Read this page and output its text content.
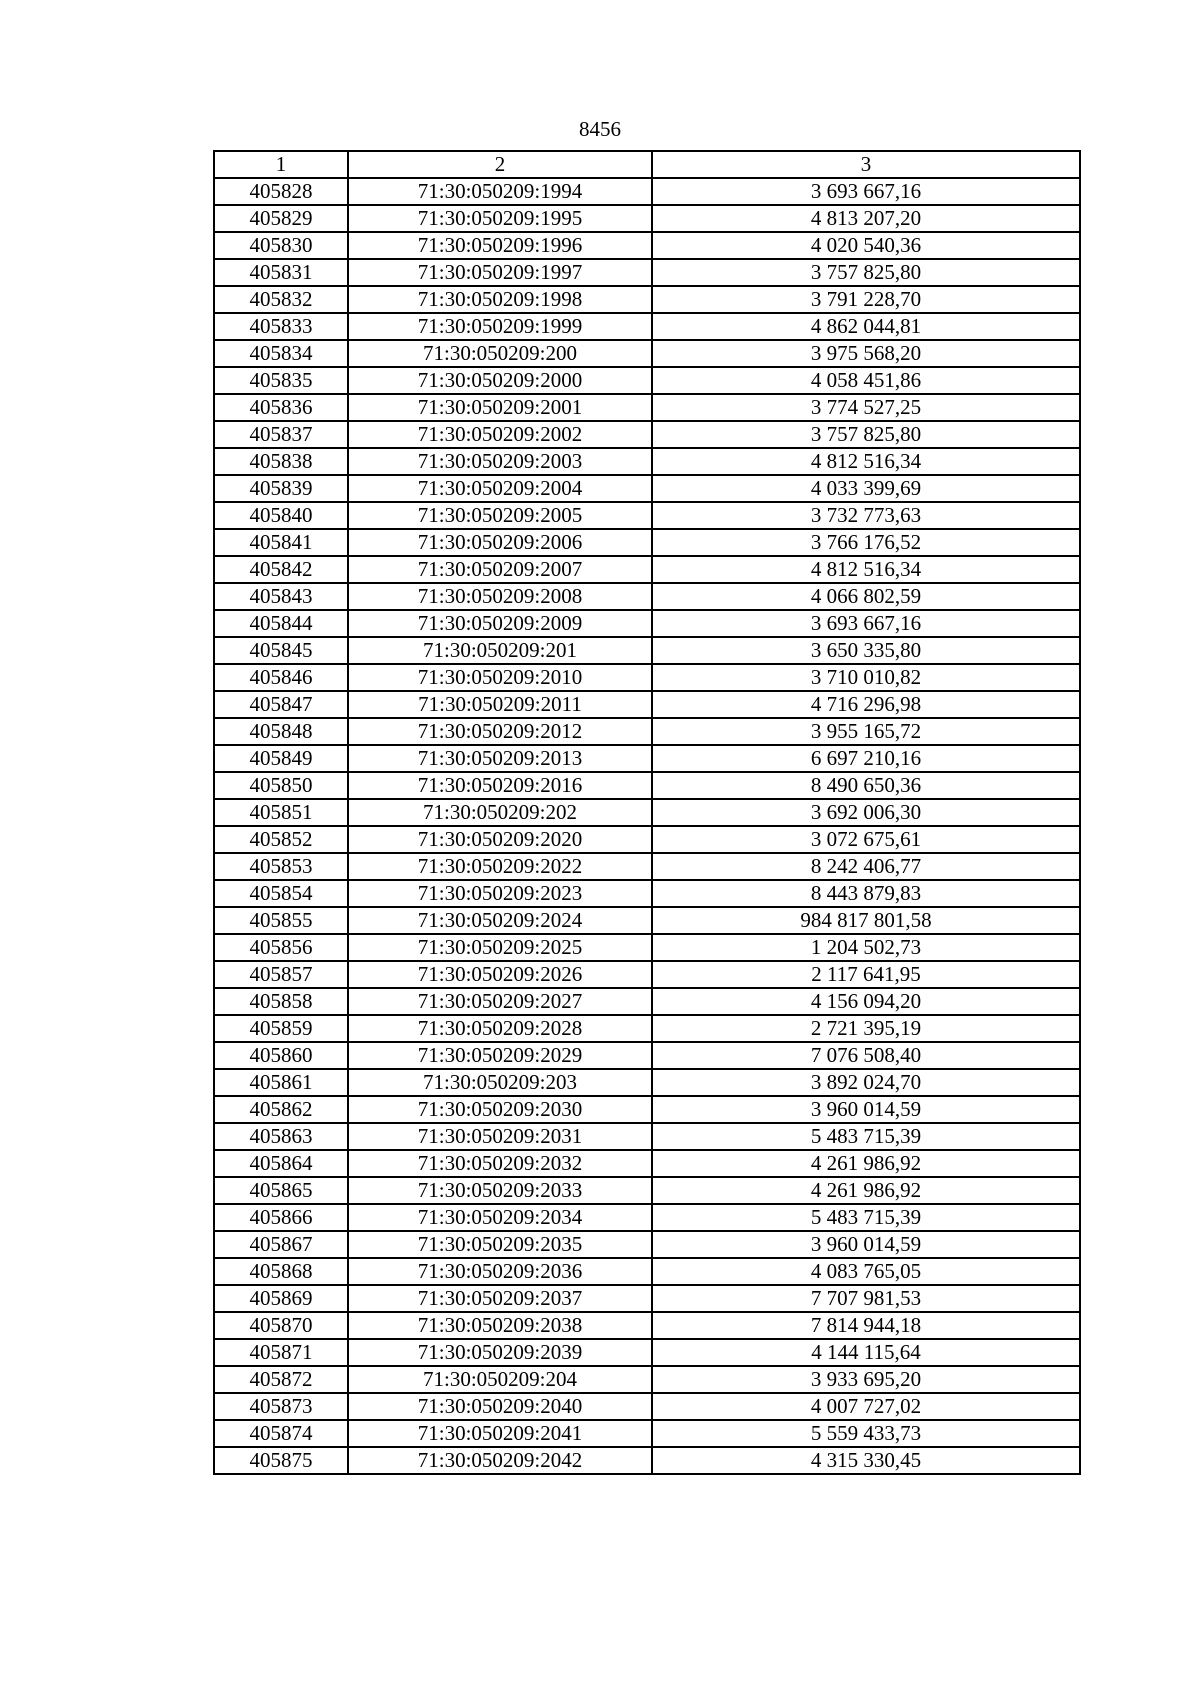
8456
1	2	3
405828	71:30:050209:1994	3 693 667,16
405829	71:30:050209:1995	4 813 207,20
405830	71:30:050209:1996	4 020 540,36
405831	71:30:050209:1997	3 757 825,80
405832	71:30:050209:1998	3 791 228,70
405833	71:30:050209:1999	4 862 044,81
405834	71:30:050209:200	3 975 568,20
405835	71:30:050209:2000	4 058 451,86
405836	71:30:050209:2001	3 774 527,25
405837	71:30:050209:2002	3 757 825,80
405838	71:30:050209:2003	4 812 516,34
405839	71:30:050209:2004	4 033 399,69
405840	71:30:050209:2005	3 732 773,63
405841	71:30:050209:2006	3 766 176,52
405842	71:30:050209:2007	4 812 516,34
405843	71:30:050209:2008	4 066 802,59
405844	71:30:050209:2009	3 693 667,16
405845	71:30:050209:201	3 650 335,80
405846	71:30:050209:2010	3 710 010,82
405847	71:30:050209:2011	4 716 296,98
405848	71:30:050209:2012	3 955 165,72
405849	71:30:050209:2013	6 697 210,16
405850	71:30:050209:2016	8 490 650,36
405851	71:30:050209:202	3 692 006,30
405852	71:30:050209:2020	3 072 675,61
405853	71:30:050209:2022	8 242 406,77
405854	71:30:050209:2023	8 443 879,83
405855	71:30:050209:2024	984 817 801,58
405856	71:30:050209:2025	1 204 502,73
405857	71:30:050209:2026	2 117 641,95
405858	71:30:050209:2027	4 156 094,20
405859	71:30:050209:2028	2 721 395,19
405860	71:30:050209:2029	7 076 508,40
405861	71:30:050209:203	3 892 024,70
405862	71:30:050209:2030	3 960 014,59
405863	71:30:050209:2031	5 483 715,39
405864	71:30:050209:2032	4 261 986,92
405865	71:30:050209:2033	4 261 986,92
405866	71:30:050209:2034	5 483 715,39
405867	71:30:050209:2035	3 960 014,59
405868	71:30:050209:2036	4 083 765,05
405869	71:30:050209:2037	7 707 981,53
405870	71:30:050209:2038	7 814 944,18
405871	71:30:050209:2039	4 144 115,64
405872	71:30:050209:204	3 933 695,20
405873	71:30:050209:2040	4 007 727,02
405874	71:30:050209:2041	5 559 433,73
405875	71:30:050209:2042	4 315 330,45
